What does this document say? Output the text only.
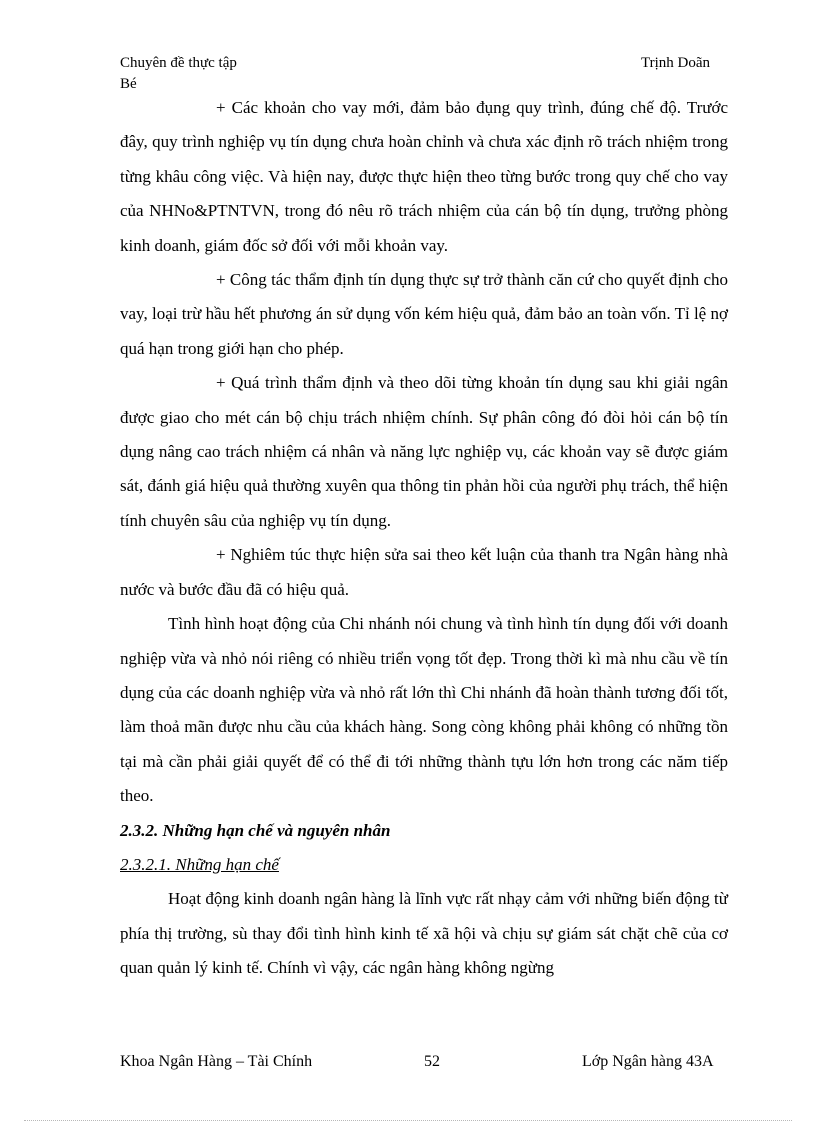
Chuyên đề thực tập
Bé
Trịnh Doãn

+ Các khoản cho vay mới, đảm bảo đụng quy trình, đúng chế độ. Trước đây, quy trình nghiệp vụ tín dụng chưa hoàn chỉnh và chưa xác định rõ trách nhiệm trong từng khâu công việc. Và hiện nay, được thực hiện theo từng bước trong quy chế cho vay của NHNo&PTNTVN, trong đó nêu rõ trách nhiệm của cán bộ tín dụng, trưởng phòng kinh doanh, giám đốc sở đối với mỗi khoản vay.

+ Công tác thẩm định tín dụng thực sự trở thành căn cứ cho quyết định cho vay, loại trừ hầu hết phương án sử dụng vốn kém hiệu quả, đảm bảo an toàn vốn. Tỉ lệ nợ quá hạn trong giới hạn cho phép.

+ Quá trình thẩm định và theo dõi từng khoản tín dụng sau khi giải ngân được giao cho mét cán bộ chịu trách nhiệm chính. Sự phân công đó đòi hỏi cán bộ tín dụng nâng cao trách nhiệm cá nhân và năng lực nghiệp vụ, các khoản vay sẽ được giám sát, đánh giá hiệu quả thường xuyên qua thông tin phản hồi của người phụ trách, thể hiện tính chuyên sâu của nghiệp vụ tín dụng.

+ Nghiêm túc thực hiện sửa sai theo kết luận của thanh tra Ngân hàng nhà nước và bước đầu đã có hiệu quả.

Tình hình hoạt động của Chi nhánh nói chung và tình hình tín dụng đối với doanh nghiệp vừa và nhỏ nói riêng có nhiều triển vọng tốt đẹp. Trong thời kì mà nhu cầu về tín dụng của các doanh nghiệp vừa và nhỏ rất lớn thì Chi nhánh đã hoàn thành tương đối tốt, làm thoả mãn được nhu cầu của khách hàng. Song còng không phải không có những tồn tại mà cần phải giải quyết để có thể đi tới những thành tựu lớn hơn trong các năm tiếp theo.

2.3.2. Những hạn chế và nguyên nhân

2.3.2.1. Những hạn chế

Hoạt động kinh doanh ngân hàng là lĩnh vực rất nhạy cảm với những biến động từ phía thị trường, sù thay đổi tình hình kinh tế xã hội và chịu sự giám sát chặt chẽ của cơ quan quản lý kinh tế. Chính vì vậy, các ngân hàng không ngừng

Khoa Ngân Hàng – Tài Chính	52	Lớp Ngân hàng 43A
